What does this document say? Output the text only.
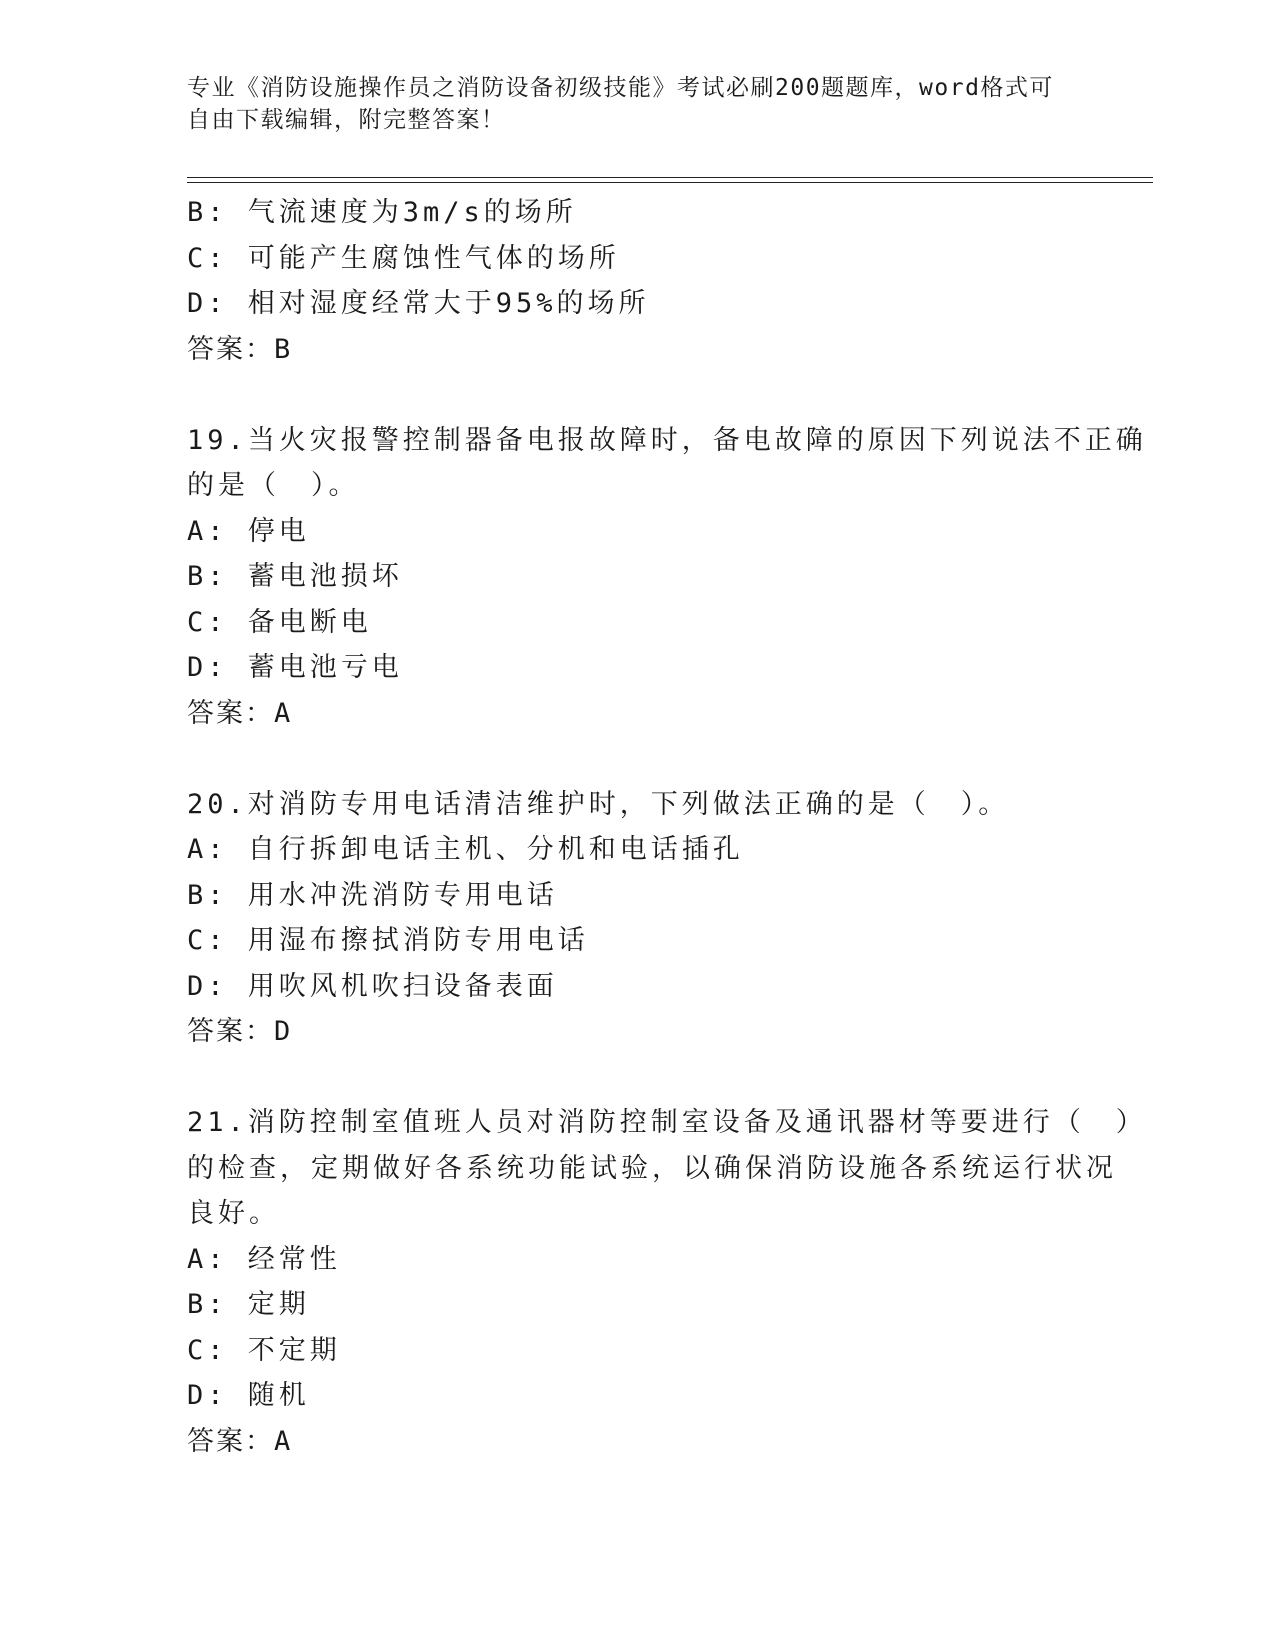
专业《消防设施操作员之消防设备初级技能》考试必刷200题题库，word格式可
自由下载编辑，附完整答案！
B: 气流速度为3m/s的场所
C: 可能产生腐蚀性气体的场所
D: 相对湿度经常大于95%的场所
答案：B
19.当火灾报警控制器备电报故障时，备电故障的原因下列说法不正确
的是（　）。
A: 停电
B: 蓄电池损坏
C: 备电断电
D: 蓄电池亏电
答案：A
20.对消防专用电话清洁维护时，下列做法正确的是（　）。
A: 自行拆卸电话主机、分机和电话插孔
B: 用水冲洗消防专用电话
C: 用湿布擦拭消防专用电话
D: 用吹风机吹扫设备表面
答案：D
21.消防控制室值班人员对消防控制室设备及通讯器材等要进行（　）
的检查，定期做好各系统功能试验，以确保消防设施各系统运行状况
良好。
A: 经常性
B: 定期
C: 不定期
D: 随机
答案：A
